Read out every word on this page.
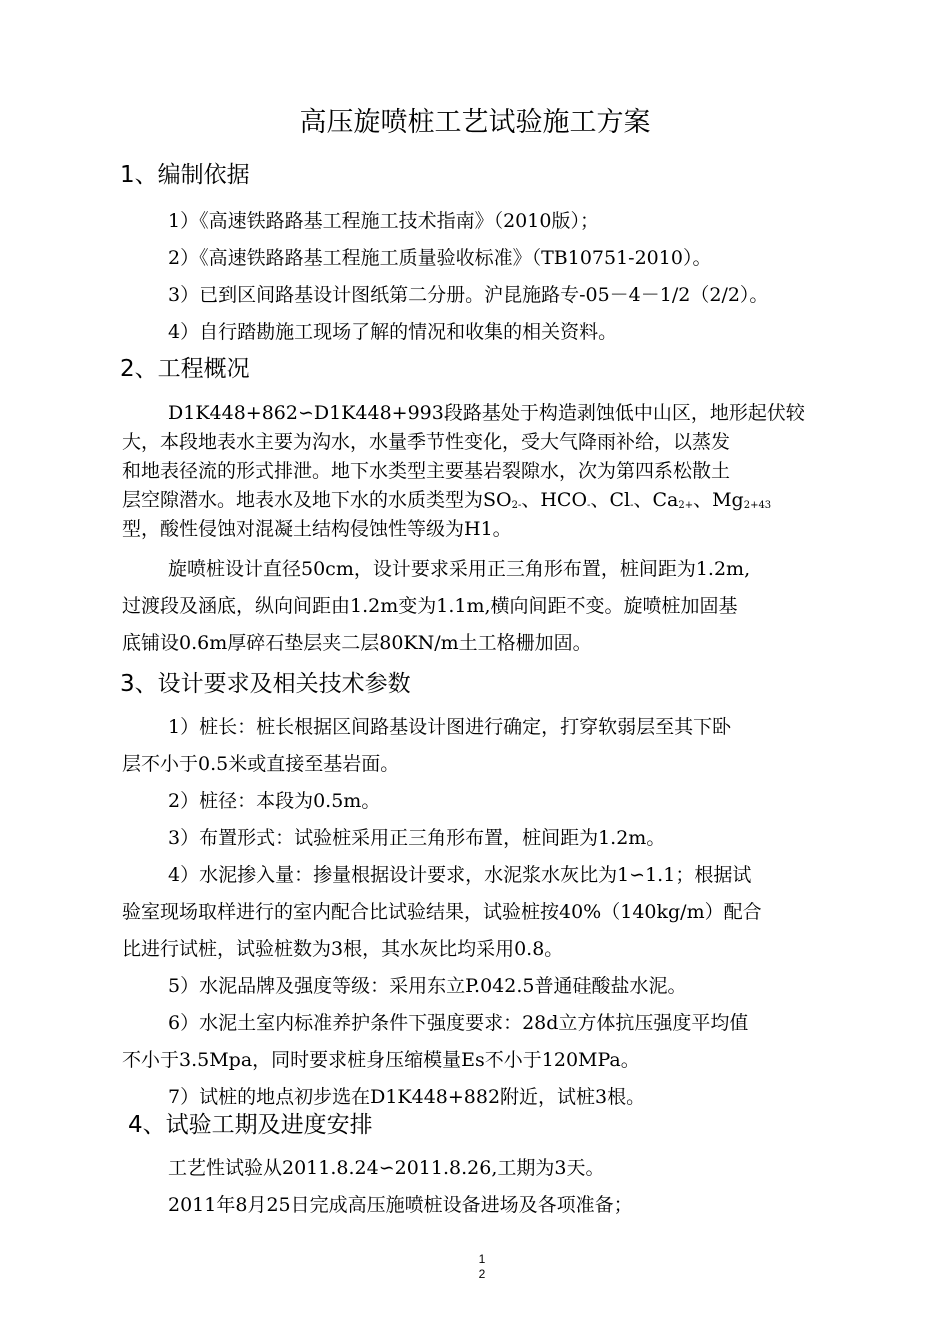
高压旋喷桩工艺试验施工方案
1、编制依据
1）《高速铁路路基工程施工技术指南》（2010版）；
2）《高速铁路路基工程施工质量验收标准》（TB10751-2010）。
3）已到区间路基设计图纸第二分册。沪昆施路专-05－4－1/2（2/2）。
4）自行踏勘施工现场了解的情况和收集的相关资料。
2、工程概况
D1K448+862∽D1K448+993段路基处于构造剥蚀低中山区，地形起伏较
大，本段地表水主要为沟水，水量季节性变化，受大气降雨补给，以蒸发
和地表径流的形式排泄。地下水类型主要基岩裂隙水，次为第四系松散土
层空隙潜水。地表水及地下水的水质类型为$SO_{2-}$、$HCO_-$、$Cl_-$、$Ca_{2+}$、$Mg_{2+43}$
型，酸性侵蚀对混凝土结构侵蚀性等级为H1。
旋喷桩设计直径50cm，设计要求采用正三角形布置，桩间距为1.2m,
过渡段及涵底，纵向间距由1.2m变为1.1m,横向间距不变。旋喷桩加固基
底铺设0.6m厚碎石垫层夹二层80KN/m土工格栅加固。
3、设计要求及相关技术参数
1）桩长：桩长根据区间路基设计图进行确定，打穿软弱层至其下卧
层不小于0.5米或直接至基岩面。
2）桩径：本段为0.5m。
3）布置形式：试验桩采用正三角形布置，桩间距为1.2m。
4）水泥掺入量：掺量根据设计要求，水泥浆水灰比为1∽1.1；根据试
验室现场取样进行的室内配合比试验结果，试验桩按40%（140kg/m）配合
比进行试桩，试验桩数为3根，其水灰比均采用0.8。
5）水泥品牌及强度等级：采用东立P.042.5普通硅酸盐水泥。
6）水泥土室内标准养护条件下强度要求：28d立方体抗压强度平均值
不小于3.5Mpa，同时要求桩身压缩模量Es不小于120MPa。
7）试桩的地点初步选在D1K448+882附近，试桩3根。
4、试验工期及进度安排
工艺性试验从2011.8.24∽2011.8.26,工期为3天。
2011年8月25日完成高压施喷桩设备进场及各项准备；
1
2
